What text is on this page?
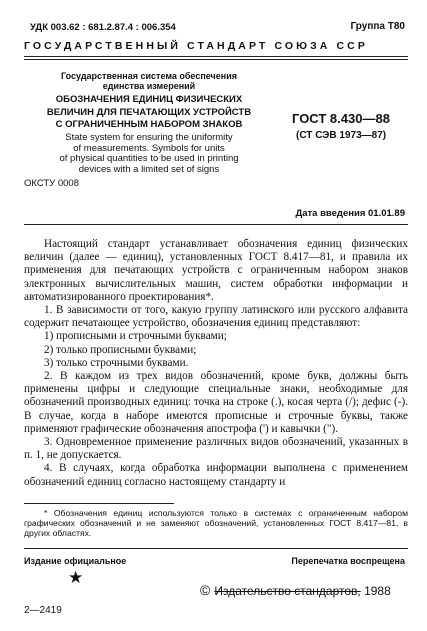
УДК 003.62 : 681.2.87.4 : 006.354	Группа Т80
ГОСУДАРСТВЕННЫЙ СТАНДАРТ СОЮЗА ССР
Государственная система обеспечения
единства измерений
ОБОЗНАЧЕНИЯ ЕДИНИЦ ФИЗИЧЕСКИХ
ВЕЛИЧИН ДЛЯ ПЕЧАТАЮЩИХ УСТРОЙСТВ
С ОГРАНИЧЕННЫМ НАБОРОМ ЗНАКОВ
State system for ensuring the uniformity
of measurements. Symbols for units
of physical quantities to be used in printing
devices with a limited set of signs
ГОСТ 8.430—88
(СТ СЭВ 1973—87)
ОКСТУ 0008
Дата введения 01.01.89

Настоящий стандарт устанавливает обозначения единиц физических величин (далее — единиц), установленных ГОСТ 8.417—81, и правила их применения для печатающих устройств с ограниченным набором знаков электронных вычислительных машин, систем обработки информации и автоматизированного проектирования*.

1. В зависимости от того, какую группу латинского или русского алфавита содержит печатающее устройство, обозначения единиц представляют:

1) прописными и строчными буквами;

2) только прописными буквами;

3) только строчными буквами.

2. В каждом из трех видов обозначений, кроме букв, должны быть применены цифры и следующие специальные знаки, необходимые для обозначений производных единиц: точка на строке (.), косая черта (/); дефис (-). В случае, когда в наборе имеются прописные и строчные буквы, также применяют графические обозначения апострофа (') и кавычки (").

3. Одновременное применение различных видов обозначений, указанных в п. 1, не допускается.

4. В случаях, когда обработка информации выполнена с применением обозначений единиц согласно настоящему стандарту и

* Обозначения единиц используются только в системах с ограниченным набором графических обозначений и не заменяют обозначений, установленных ГОСТ 8.417—81, в других областях.

Издание официальное	Перепечатка воспрещена
★
© Издательство стандартов, 1988
2—2419
